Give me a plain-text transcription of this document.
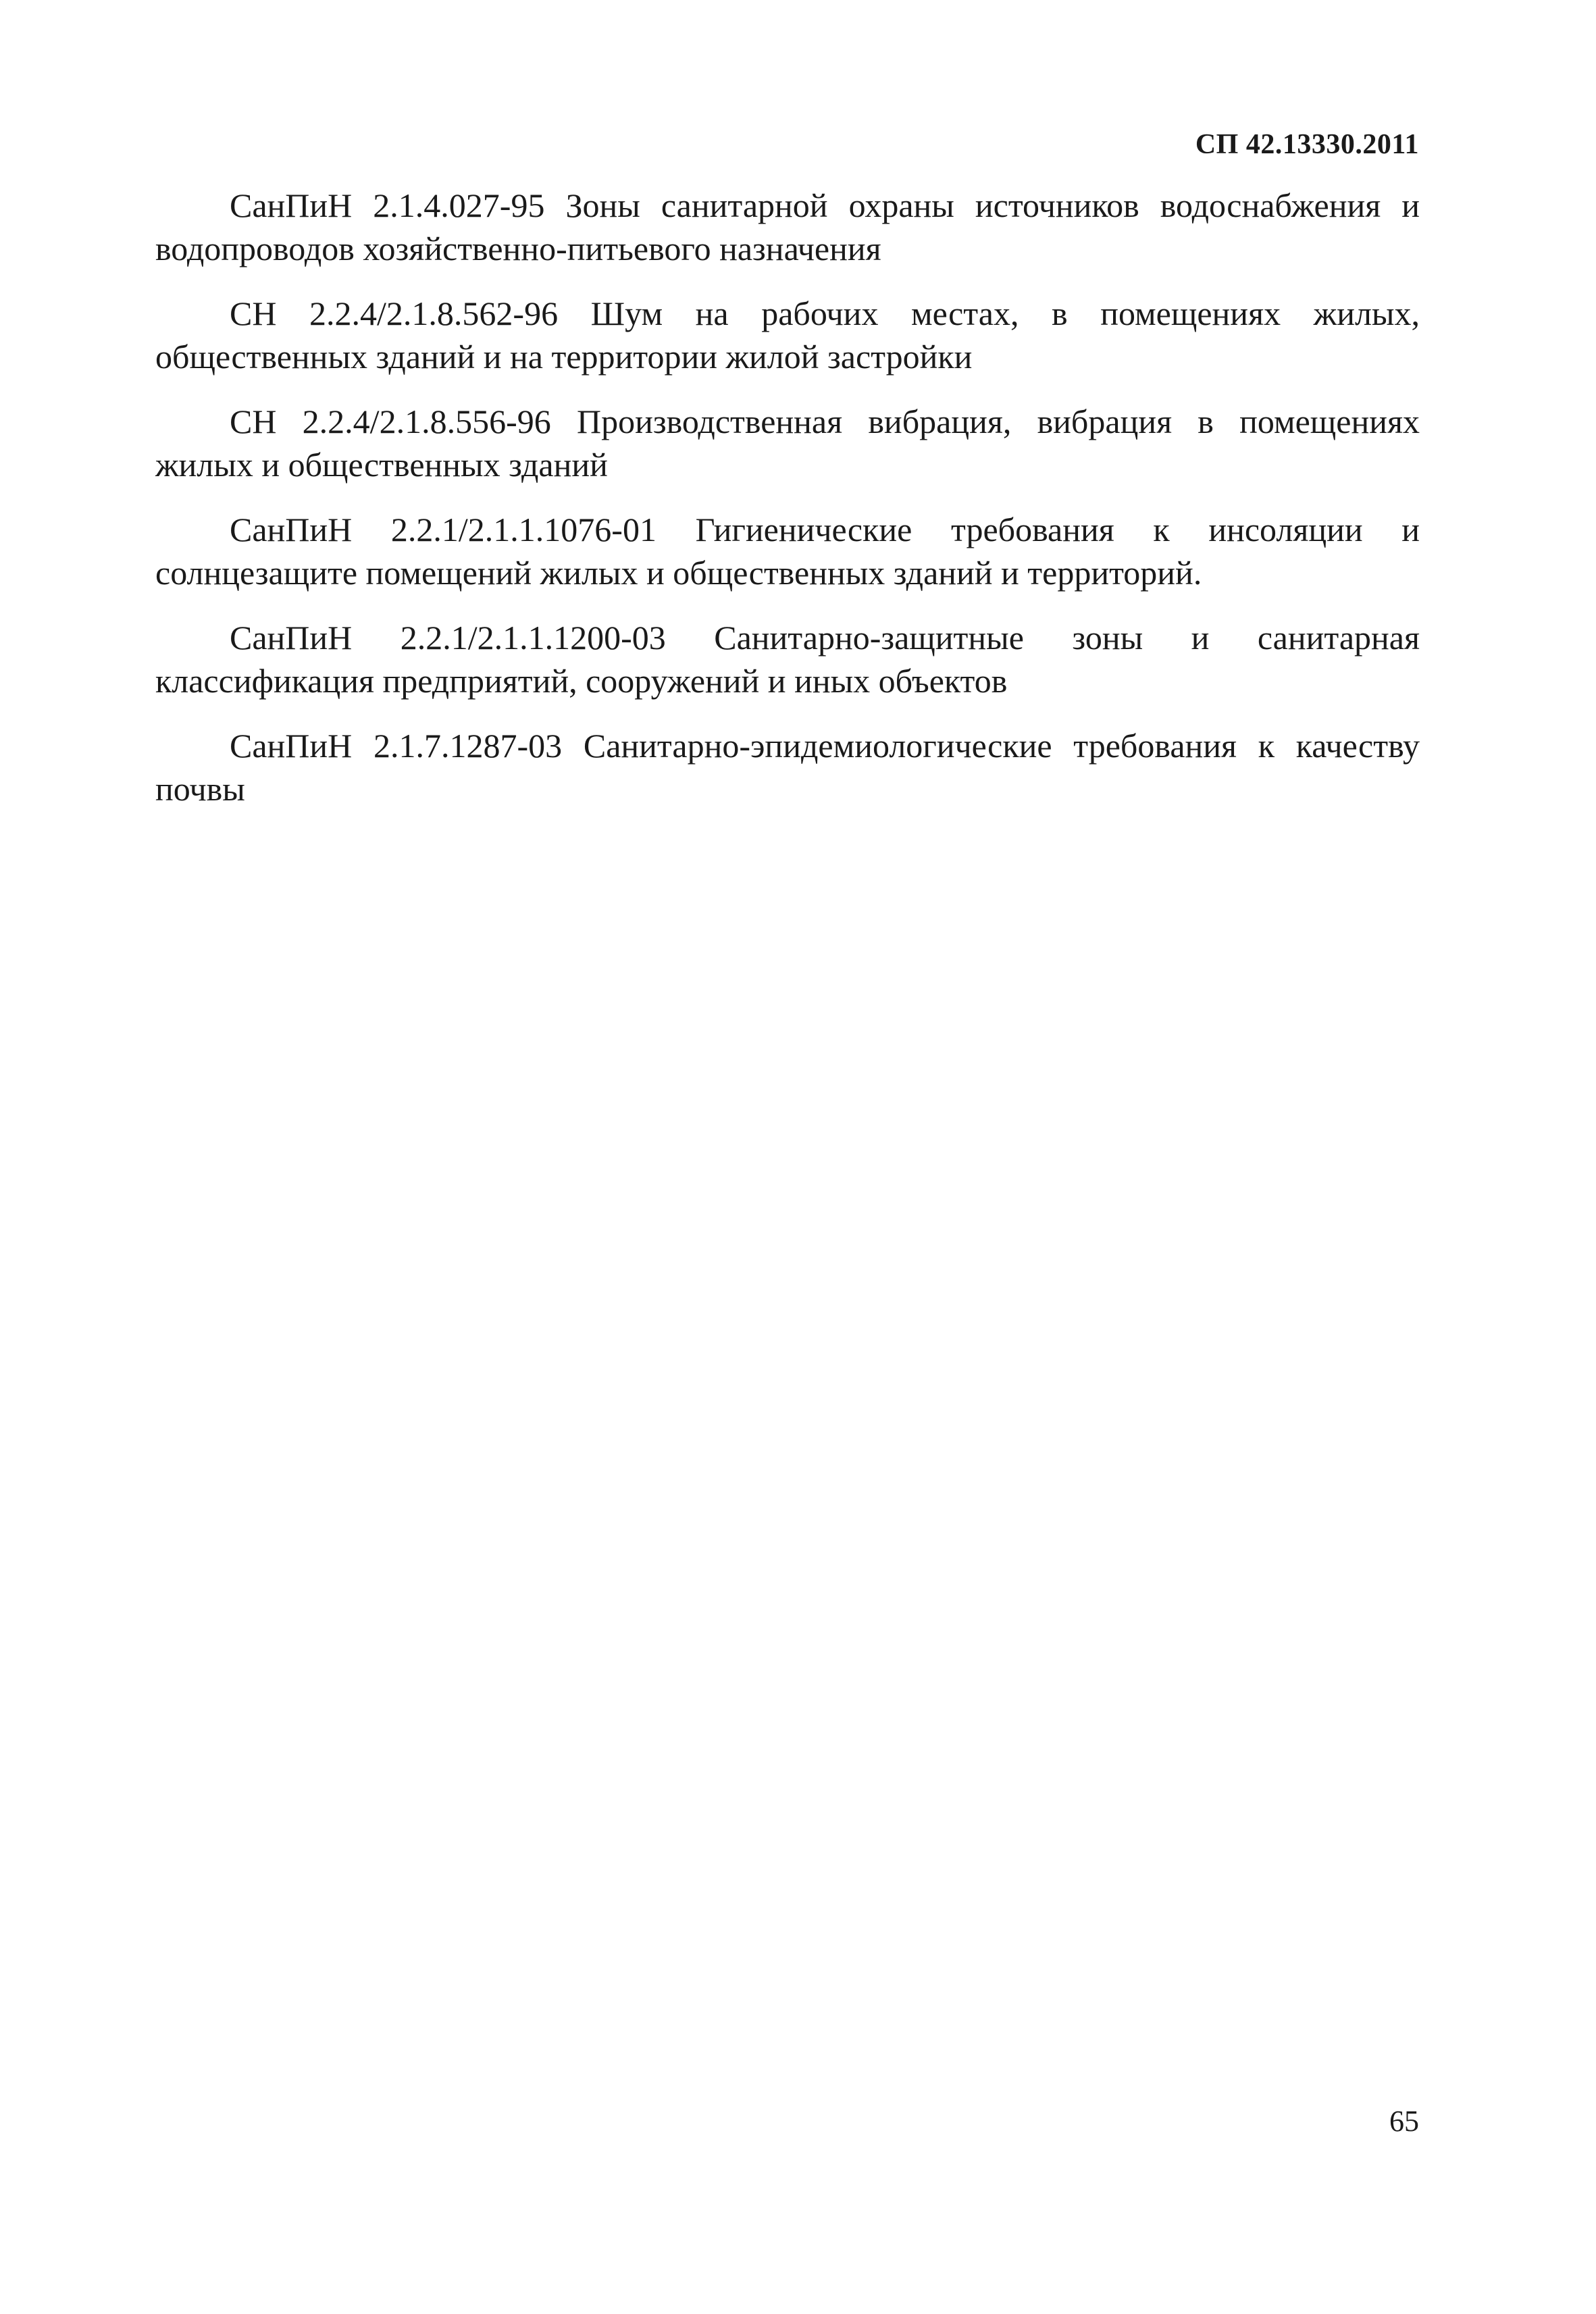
СП 42.13330.2011

СанПиН 2.1.4.027-95 Зоны санитарной охраны источников водоснабжения и водопроводов хозяйственно-питьевого назначения

СН 2.2.4/2.1.8.562-96 Шум на рабочих местах, в помещениях жилых, общественных зданий и на территории жилой застройки

СН 2.2.4/2.1.8.556-96 Производственная вибрация, вибрация в помещениях жилых и общественных зданий

СанПиН 2.2.1/2.1.1.1076-01 Гигиенические требования к инсоляции и солнцезащите помещений жилых и общественных зданий и территорий.

СанПиН 2.2.1/2.1.1.1200-03 Санитарно-защитные зоны и санитарная классификация предприятий, сооружений и иных объектов

СанПиН 2.1.7.1287-03 Санитарно-эпидемиологические требования к качеству почвы

65
